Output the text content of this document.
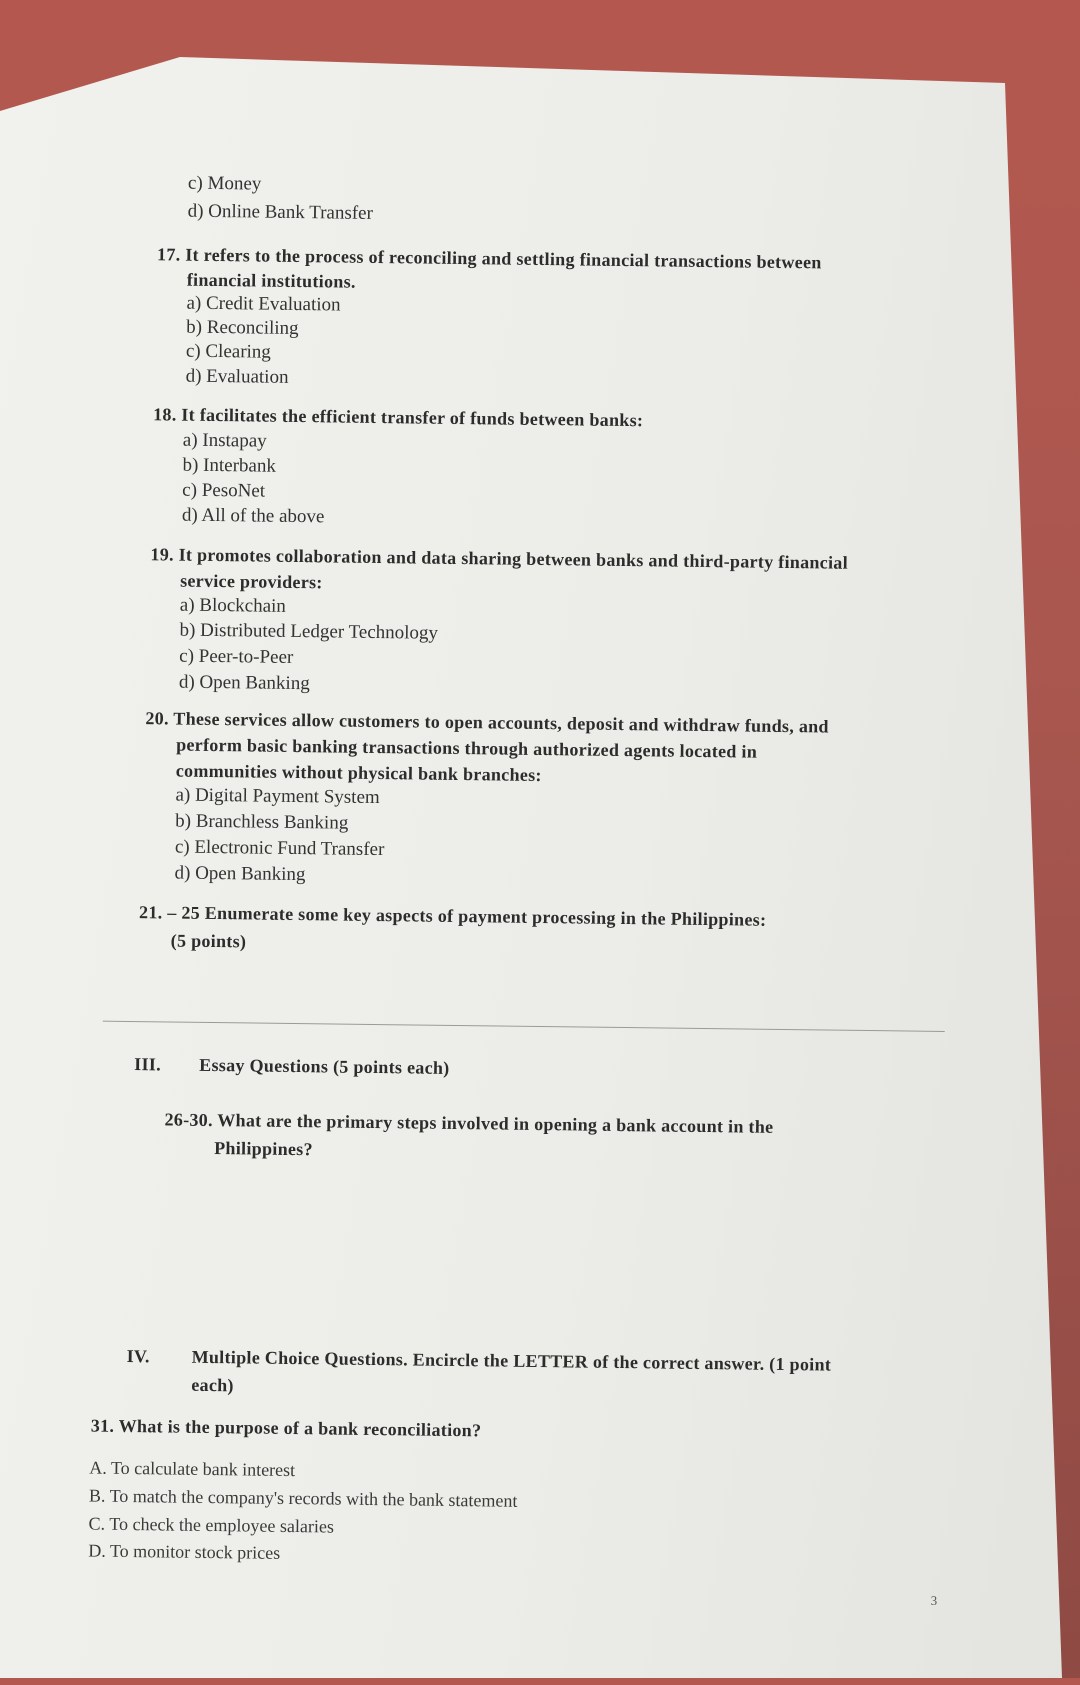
c) Money
d) Online Bank Transfer
17. It refers to the process of reconciling and settling financial transactions between
financial institutions.
a) Credit Evaluation
b) Reconciling
c) Clearing
d) Evaluation
18. It facilitates the efficient transfer of funds between banks:
a) Instapay
b) Interbank
c) PesoNet
d) All of the above
19. It promotes collaboration and data sharing between banks and third-party financial
service providers:
a) Blockchain
b) Distributed Ledger Technology
c) Peer-to-Peer
d) Open Banking
20. These services allow customers to open accounts, deposit and withdraw funds, and
perform basic banking transactions through authorized agents located in
communities without physical bank branches:
a) Digital Payment System
b) Branchless Banking
c) Electronic Fund Transfer
d) Open Banking
21. – 25 Enumerate some key aspects of payment processing in the Philippines:
(5 points)
III. Essay Questions (5 points each)
26-30. What are the primary steps involved in opening a bank account in the
Philippines?
IV. Multiple Choice Questions. Encircle the LETTER of the correct answer. (1 point
each)
31. What is the purpose of a bank reconciliation?
A. To calculate bank interest
B. To match the company's records with the bank statement
C. To check the employee salaries
D. To monitor stock prices
3
